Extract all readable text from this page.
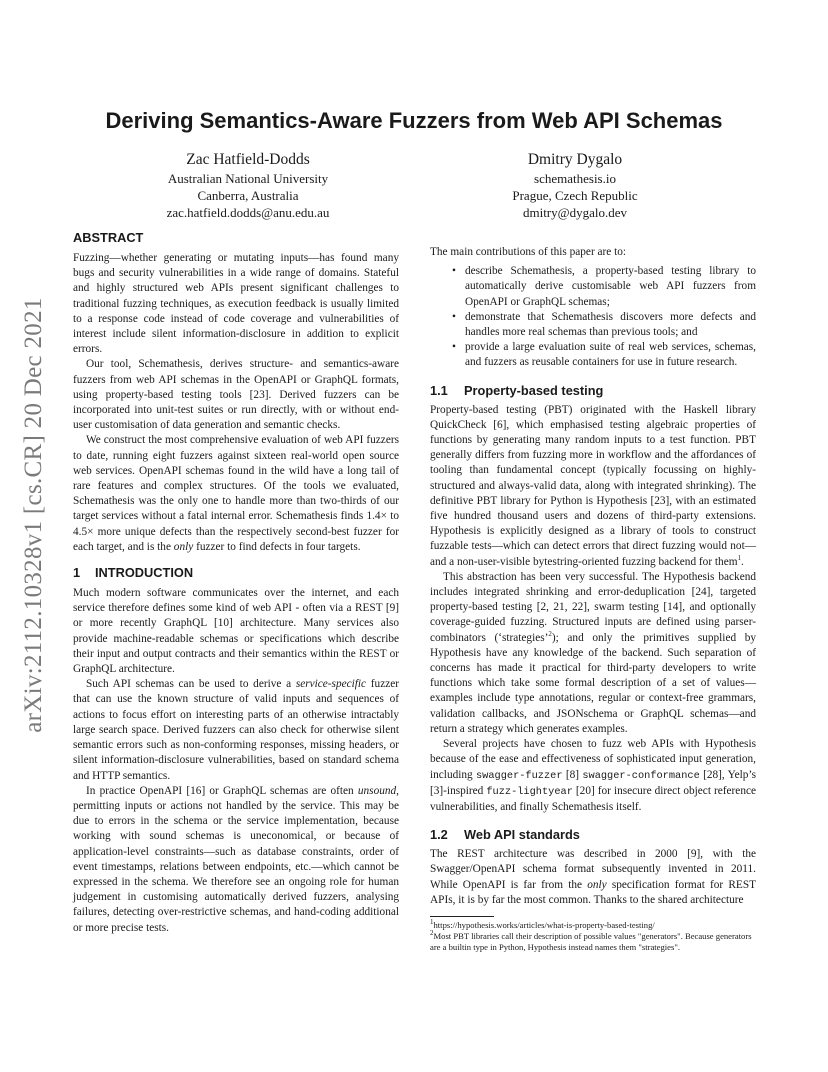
arXiv:2112.10328v1 [cs.CR] 20 Dec 2021
Deriving Semantics-Aware Fuzzers from Web API Schemas
Zac Hatfield-Dodds
Australian National University
Canberra, Australia
zac.hatfield.dodds@anu.edu.au
Dmitry Dygalo
schemathesis.io
Prague, Czech Republic
dmitry@dygalo.dev
ABSTRACT

Fuzzing—whether generating or mutating inputs—has found many bugs and security vulnerabilities in a wide range of domains. Stateful and highly structured web APIs present significant challenges to traditional fuzzing techniques, as execution feedback is usually limited to a response code instead of code coverage and vulnerabilities of interest include silent information-disclosure in addition to explicit errors.

Our tool, Schemathesis, derives structure- and semantics-aware fuzzers from web API schemas in the OpenAPI or GraphQL formats, using property-based testing tools [23]. Derived fuzzers can be incorporated into unit-test suites or run directly, with or without end-user customisation of data generation and semantic checks.

We construct the most comprehensive evaluation of web API fuzzers to date, running eight fuzzers against sixteen real-world open source web services. OpenAPI schemas found in the wild have a long tail of rare features and complex structures. Of the tools we evaluated, Schemathesis was the only one to handle more than two-thirds of our target services without a fatal internal error. Schemathesis finds 1.4× to 4.5× more unique defects than the respectively second-best fuzzer for each target, and is the only fuzzer to find defects in four targets.

1 INTRODUCTION

Much modern software communicates over the internet, and each service therefore defines some kind of web API - often via a REST [9] or more recently GraphQL [10] architecture. Many services also provide machine-readable schemas or specifications which describe their input and output contracts and their semantics within the REST or GraphQL architecture.

Such API schemas can be used to derive a service-specific fuzzer that can use the known structure of valid inputs and sequences of actions to focus effort on interesting parts of an otherwise intractably large search space. Derived fuzzers can also check for otherwise silent semantic errors such as non-conforming responses, missing headers, or silent information-disclosure vulnerabilities, based on standard schema and HTTP semantics.

In practice OpenAPI [16] or GraphQL schemas are often unsound, permitting inputs or actions not handled by the service. This may be due to errors in the schema or the service implementation, because working with sound schemas is uneconomical, or because of application-level constraints—such as database constraints, order of event timestamps, relations between endpoints, etc.—which cannot be expressed in the schema. We therefore see an ongoing role for human judgement in customising automatically derived fuzzers, analysing failures, detecting over-restrictive schemas, and hand-coding additional or more precise tests.

The main contributions of this paper are to:

• describe Schemathesis, a property-based testing library to automatically derive customisable web API fuzzers from OpenAPI or GraphQL schemas;
• demonstrate that Schemathesis discovers more defects and handles more real schemas than previous tools; and
• provide a large evaluation suite of real web services, schemas, and fuzzers as reusable containers for use in future research.
1.1 Property-based testing

Property-based testing (PBT) originated with the Haskell library QuickCheck [6], which emphasised testing algebraic properties of functions by generating many random inputs to a test function. PBT generally differs from fuzzing more in workflow and the affordances of tooling than fundamental concept (typically focussing on highly-structured and always-valid data, along with integrated shrinking). The definitive PBT library for Python is Hypothesis [23], with an estimated five hundred thousand users and dozens of third-party extensions. Hypothesis is explicitly designed as a library of tools to construct fuzzable tests—which can detect errors that direct fuzzing would not—and a non-user-visible bytestring-oriented fuzzing backend for them$^1$.

This abstraction has been very successful. The Hypothesis backend includes integrated shrinking and error-deduplication [24], targeted property-based testing [2, 21, 22], swarm testing [14], and optionally coverage-guided fuzzing. Structured inputs are defined using parser-combinators (‘strategies’$^2$); and only the primitives supplied by Hypothesis have any knowledge of the backend. Such separation of concerns has made it practical for third-party developers to write functions which take some formal description of a set of values—examples include type annotations, regular or context-free grammars, validation callbacks, and JSONschema or GraphQL schemas—and return a strategy which generates examples.

Several projects have chosen to fuzz web APIs with Hypothesis because of the ease and effectiveness of sophisticated input generation, including swagger-fuzzer [8] swagger-conformance [28], Yelp’s [3]-inspired fuzz-lightyear [20] for insecure direct object reference vulnerabilities, and finally Schemathesis itself.

1.2 Web API standards

The REST architecture was described in 2000 [9], with the Swagger/OpenAPI schema format subsequently invented in 2011. While OpenAPI is far from the only specification format for REST APIs, it is by far the most common. Thanks to the shared architecture

$^1$https://hypothesis.works/articles/what-is-property-based-testing/
$^2$Most PBT libraries call their description of possible values "generators". Because generators are a builtin type in Python, Hypothesis instead names them "strategies".
